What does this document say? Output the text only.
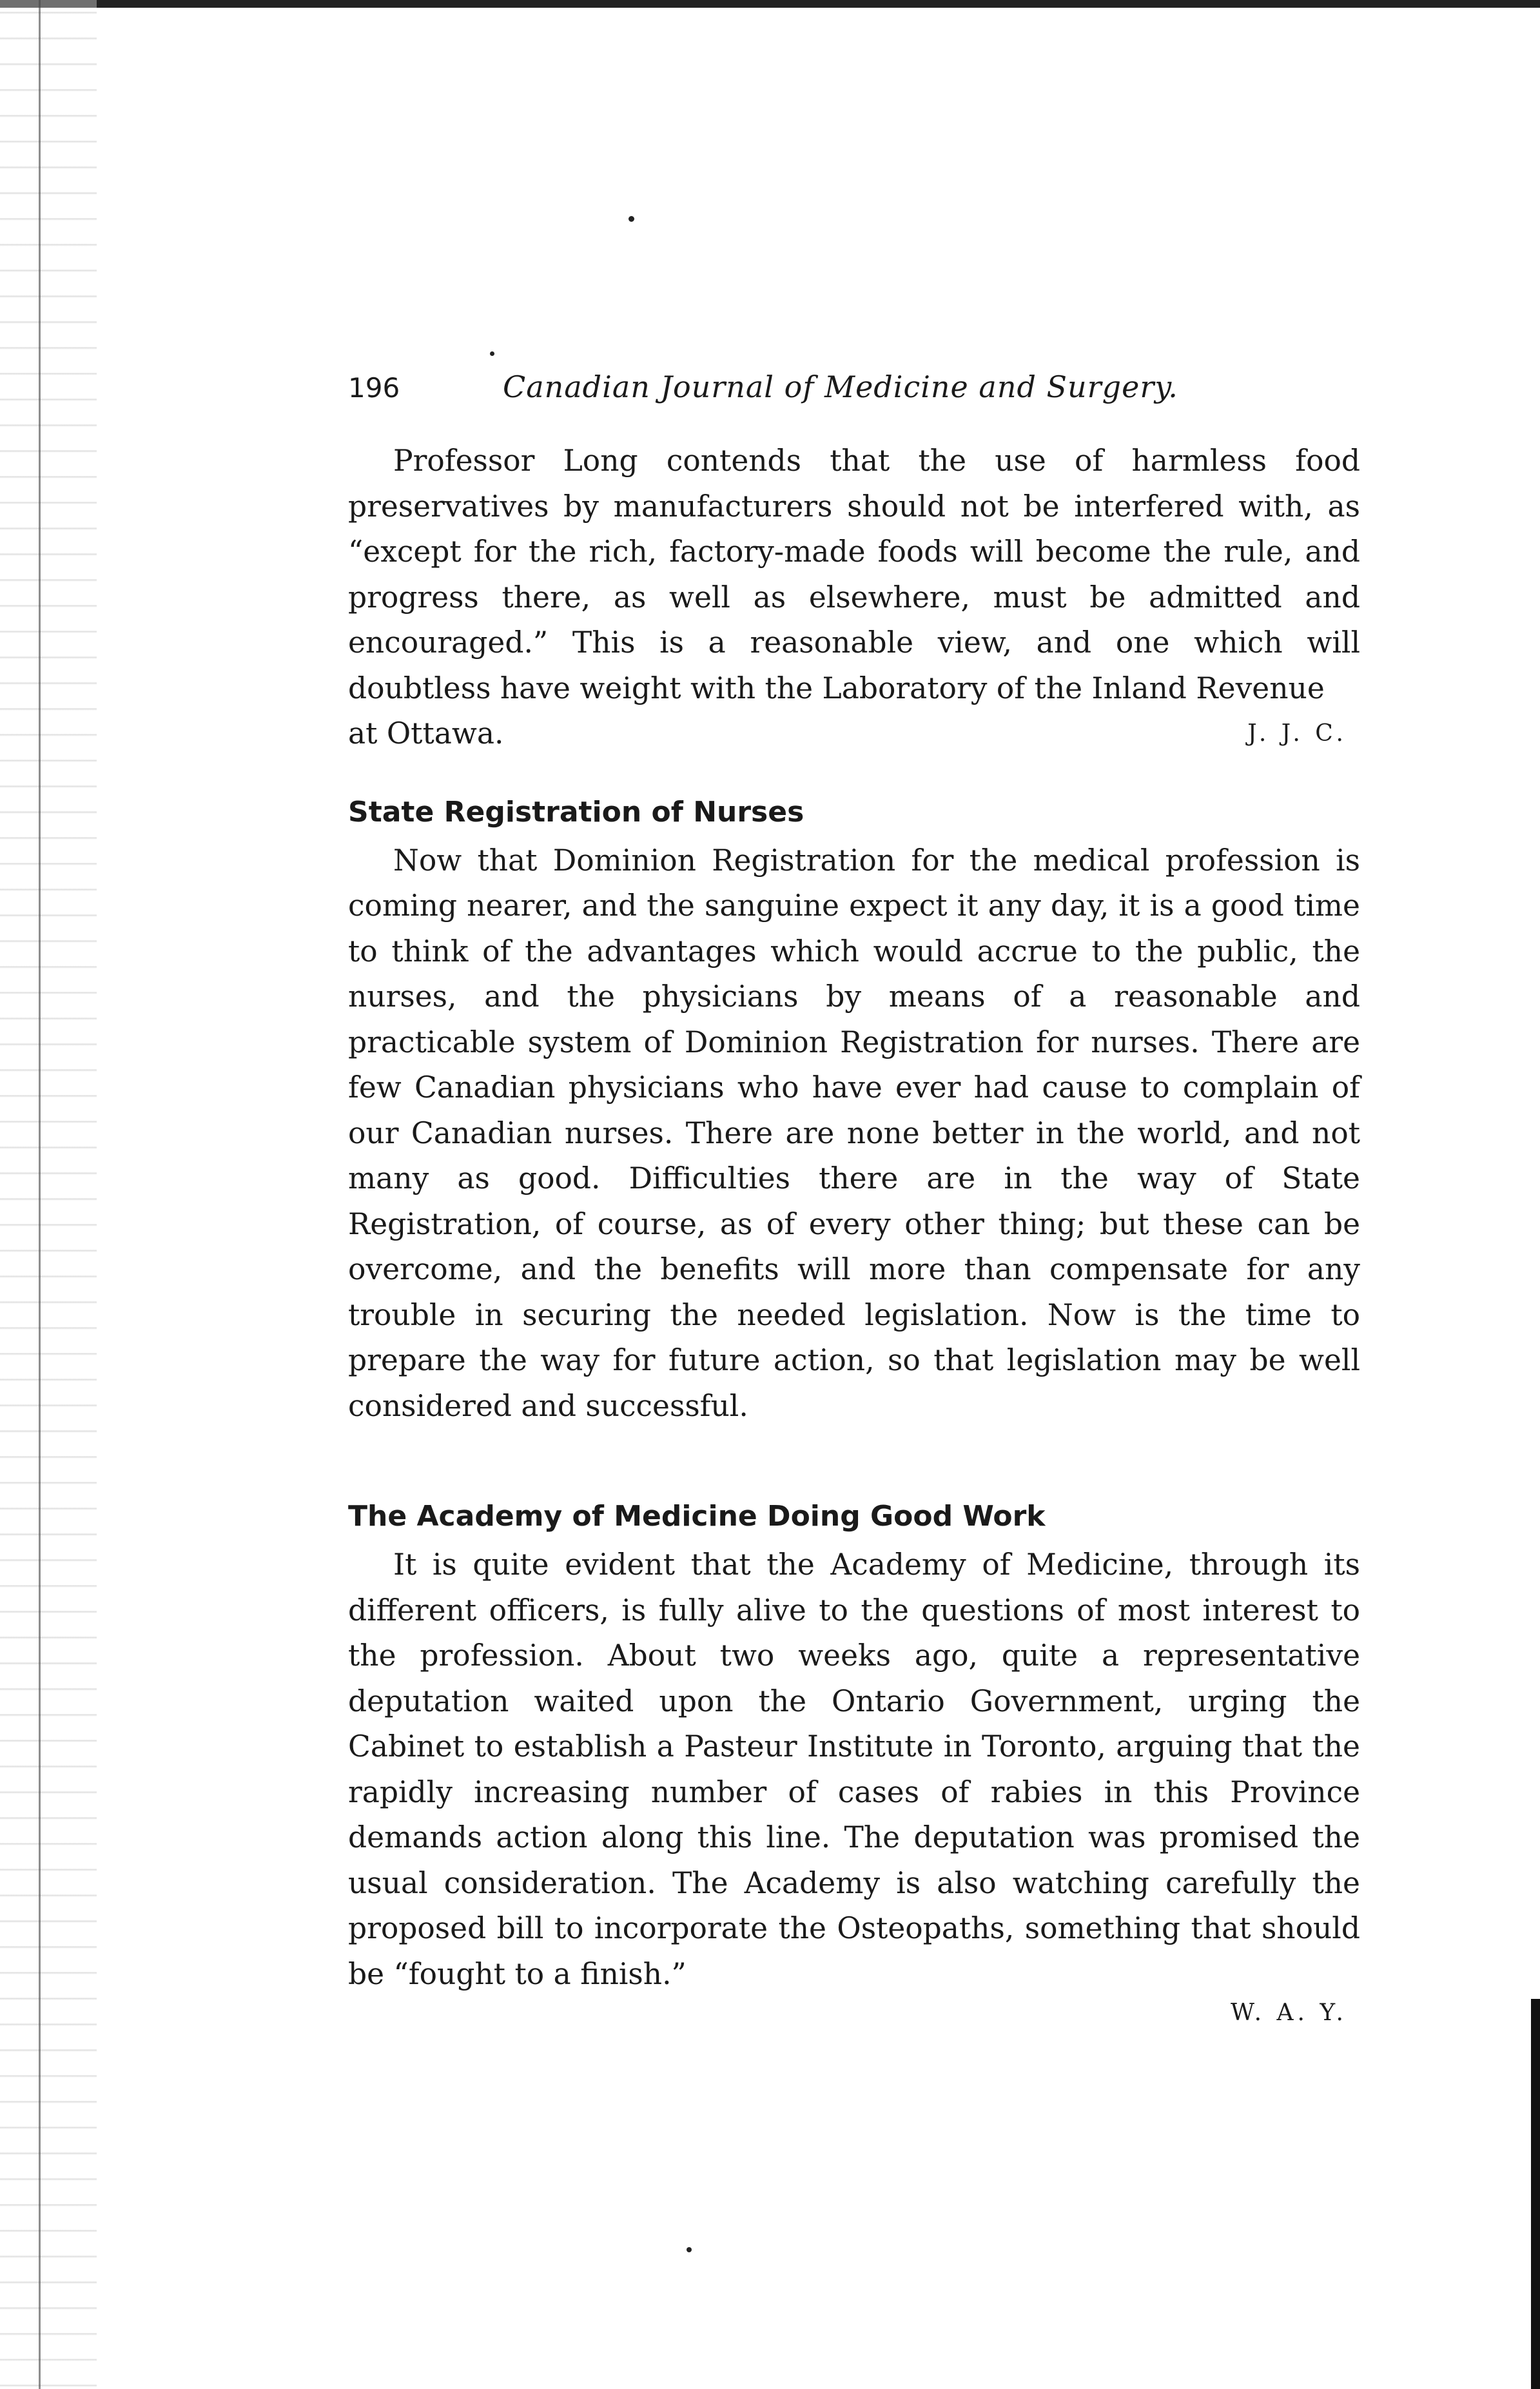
196	Canadian Journal of Medicine and Surgery.

Professor Long contends that the use of harmless food preservatives by manufacturers should not be interfered with, as “except for the rich, factory-made foods will become the rule, and progress there, as well as elsewhere, must be admitted and encouraged.” This is a reasonable view, and one which will doubtless have weight with the Laboratory of the Inland Revenue

at Ottawa.	J. J. C.
State Registration of Nurses

Now that Dominion Registration for the medical profession is coming nearer, and the sanguine expect it any day, it is a good time to think of the advantages which would accrue to the public, the nurses, and the physicians by means of a reasonable and practicable system of Dominion Registration for nurses. There are few Canadian physicians who have ever had cause to complain of our Canadian nurses. There are none better in the world, and not many as good. Difficulties there are in the way of State Registration, of course, as of every other thing; but these can be overcome, and the benefits will more than compensate for any trouble in securing the needed legislation. Now is the time to prepare the way for future action, so that legislation may be well considered and successful.

The Academy of Medicine Doing Good Work

It is quite evident that the Academy of Medicine, through its different officers, is fully alive to the questions of most interest to the profession. About two weeks ago, quite a representative deputation waited upon the Ontario Government, urging the Cabinet to establish a Pasteur Institute in Toronto, arguing that the rapidly increasing number of cases of rabies in this Province demands action along this line. The deputation was promised the usual consideration. The Academy is also watching carefully the proposed bill to incorporate the Osteopaths, something that should be “fought to a finish.”

W. A. Y.
